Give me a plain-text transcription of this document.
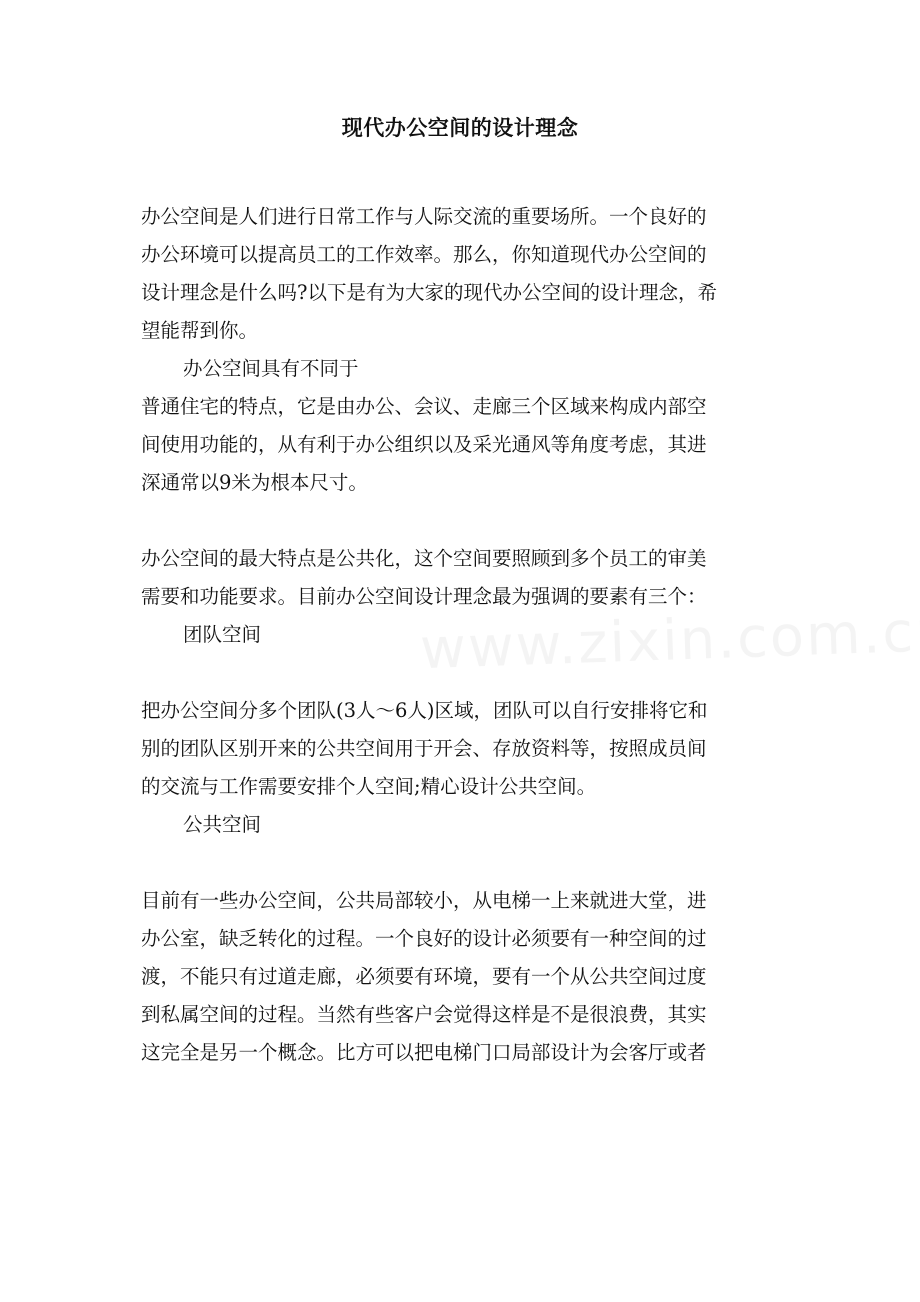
现代办公空间的设计理念

办公空间是人们进行日常工作与人际交流的重要场所。一个良好的

办公环境可以提高员工的工作效率。那么，你知道现代办公空间的

设计理念是什么吗?以下是有为大家的现代办公空间的设计理念，希

望能帮到你。

办公空间具有不同于

普通住宅的特点，它是由办公、会议、走廊三个区域来构成内部空

间使用功能的，从有利于办公组织以及采光通风等角度考虑，其进

深通常以9米为根本尺寸。

办公空间的最大特点是公共化，这个空间要照顾到多个员工的审美

需要和功能要求。目前办公空间设计理念最为强调的要素有三个：

团队空间

把办公空间分多个团队(3人～6人)区域，团队可以自行安排将它和

别的团队区别开来的公共空间用于开会、存放资料等，按照成员间

的交流与工作需要安排个人空间;精心设计公共空间。

公共空间

目前有一些办公空间，公共局部较小，从电梯一上来就进大堂，进

办公室，缺乏转化的过程。一个良好的设计必须要有一种空间的过

渡，不能只有过道走廊，必须要有环境，要有一个从公共空间过度

到私属空间的过程。当然有些客户会觉得这样是不是很浪费，其实

这完全是另一个概念。比方可以把电梯门口局部设计为会客厅或者
